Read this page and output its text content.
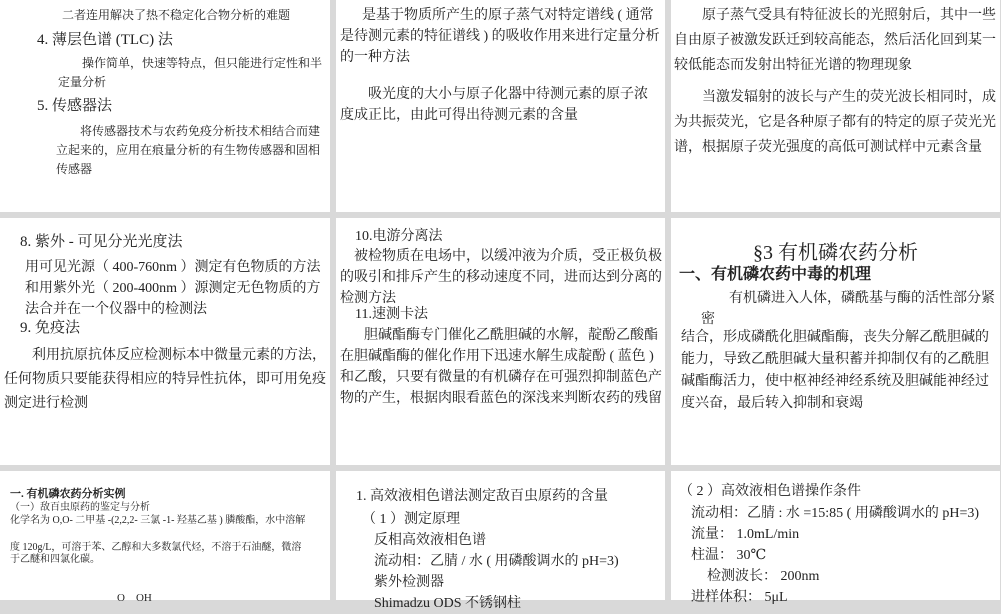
二者连用解决了热不稳定化合物分析的难题

4. 薄层色谱 (TLC) 法

操作简单，快速等特点，但只能进行定性和半定量分析

5. 传感器法

将传感器技术与农药免疫分析技术相结合而建立起来的，应用在痕量分析的有生物传感器和固相传感器

是基于物质所产生的原子蒸气对特定谱线 ( 通常是待测元素的特征谱线 ) 的吸收作用来进行定量分析的一种方法

吸光度的大小与原子化器中待测元素的原子浓度成正比，由此可得出待测元素的含量

原子蒸气受具有特征波长的光照射后，其中一些自由原子被激发跃迁到较高能态，然后活化回到某一较低能态而发射出特征光谱的物理现象

当激发辐射的波长与产生的荧光波长相同时，成为共振荧光，它是各种原子都有的特定的原子荧光光谱，根据原子荧光强度的高低可测试样中元素含量

8. 紫外 - 可见分光光度法

用可见光源（ 400-760nm ）测定有色物质的方法和用紫外光（ 200-400nm ）源测定无色物质的方法合并在一个仪器中的检测法

9. 免疫法

利用抗原抗体反应检测标本中微量元素的方法，任何物质只要能获得相应的特异性抗体，即可用免疫测定进行检测

10.电游分离法

被检物质在电场中，以缓冲液为介质，受正极负极的吸引和排斥产生的移动速度不同，进而达到分离的检测方法

11.速测卡法

胆碱酯酶专门催化乙酰胆碱的水解，靛酚乙酸酯在胆碱酯酶的催化作用下迅速水解生成靛酚 ( 蓝色 ) 和乙酸，只要有微量的有机磷存在可强烈抑制蓝色产物的产生，根据肉眼看蓝色的深浅来判断农药的残留

§3 有机磷农药分析

一、有机磷农药中毒的机理

有机磷进入人体，磷酰基与酶的活性部分紧密

结合，形成磷酰化胆碱酯酶，丧失分解乙酰胆碱的能力，导致乙酰胆碱大量积蓄并抑制仅有的乙酰胆碱酯酶活力，使中枢神经神经系统及胆碱能神经过度兴奋，最后转入抑制和衰竭

一. 有机磷农药分析实例

（一）敌百虫原药的鉴定与分析

化学名为 O,O- 二甲基 -(2,2,2- 三氯 -1- 羟基乙基 ) 膦酸酯，水中溶解

度 120g/L，可溶于苯、乙醇和大多数氯代烃，不溶于石油醚，微溶于乙醚和四氯化碳。

O    OH

1. 高效液相色谱法测定敌百虫原药的含量

（ 1 ）测定原理

反相高效液相色谱

流动相：乙腈 / 水 ( 用磷酸调水的 pH=3)

紫外检测器

Shimadzu ODS 不锈钢柱

（ 2 ）高效液相色谱操作条件

流动相：乙腈 : 水 =15:85 ( 用磷酸调水的 pH=3)

流量： 1.0mL/min

柱温： 30℃

检测波长： 200nm

进样体积： 5μL
